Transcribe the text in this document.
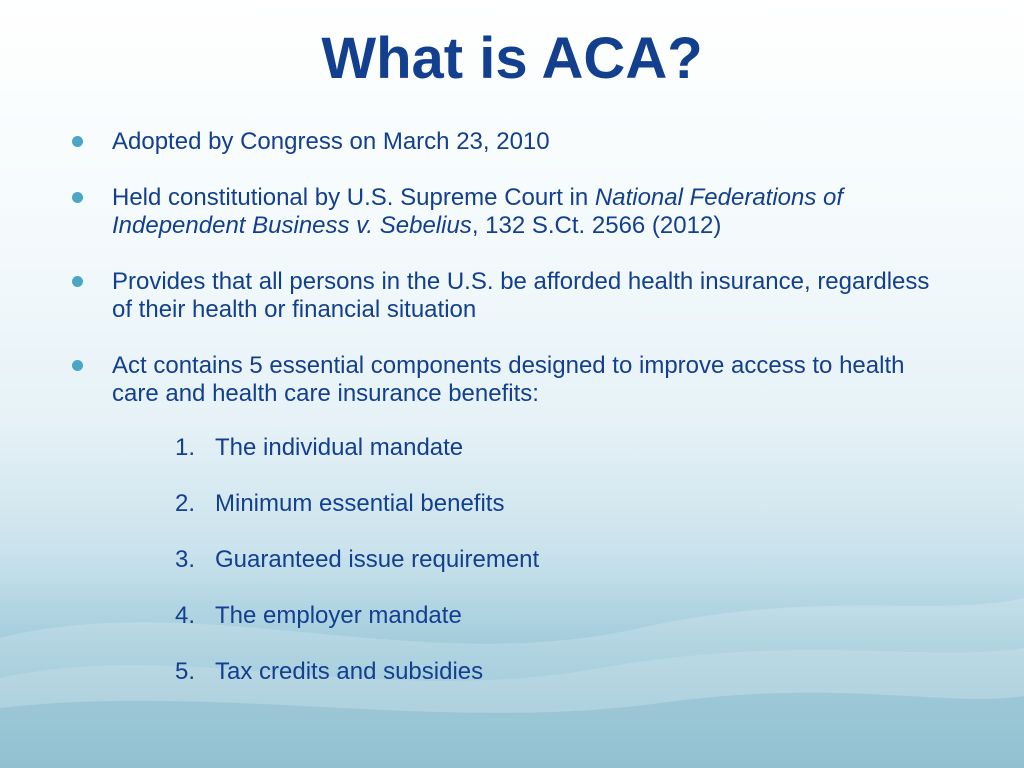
What is ACA?
Adopted by Congress on March 23, 2010
Held constitutional by U.S. Supreme Court in National Federations of Independent Business v. Sebelius, 132 S.Ct. 2566 (2012)
Provides that all persons in the U.S. be afforded health insurance, regardless of their health or financial situation
Act contains 5 essential components designed to improve access to health care and health care insurance benefits:
1. The individual mandate
2. Minimum essential benefits
3. Guaranteed issue requirement
4. The employer mandate
5. Tax credits and subsidies
